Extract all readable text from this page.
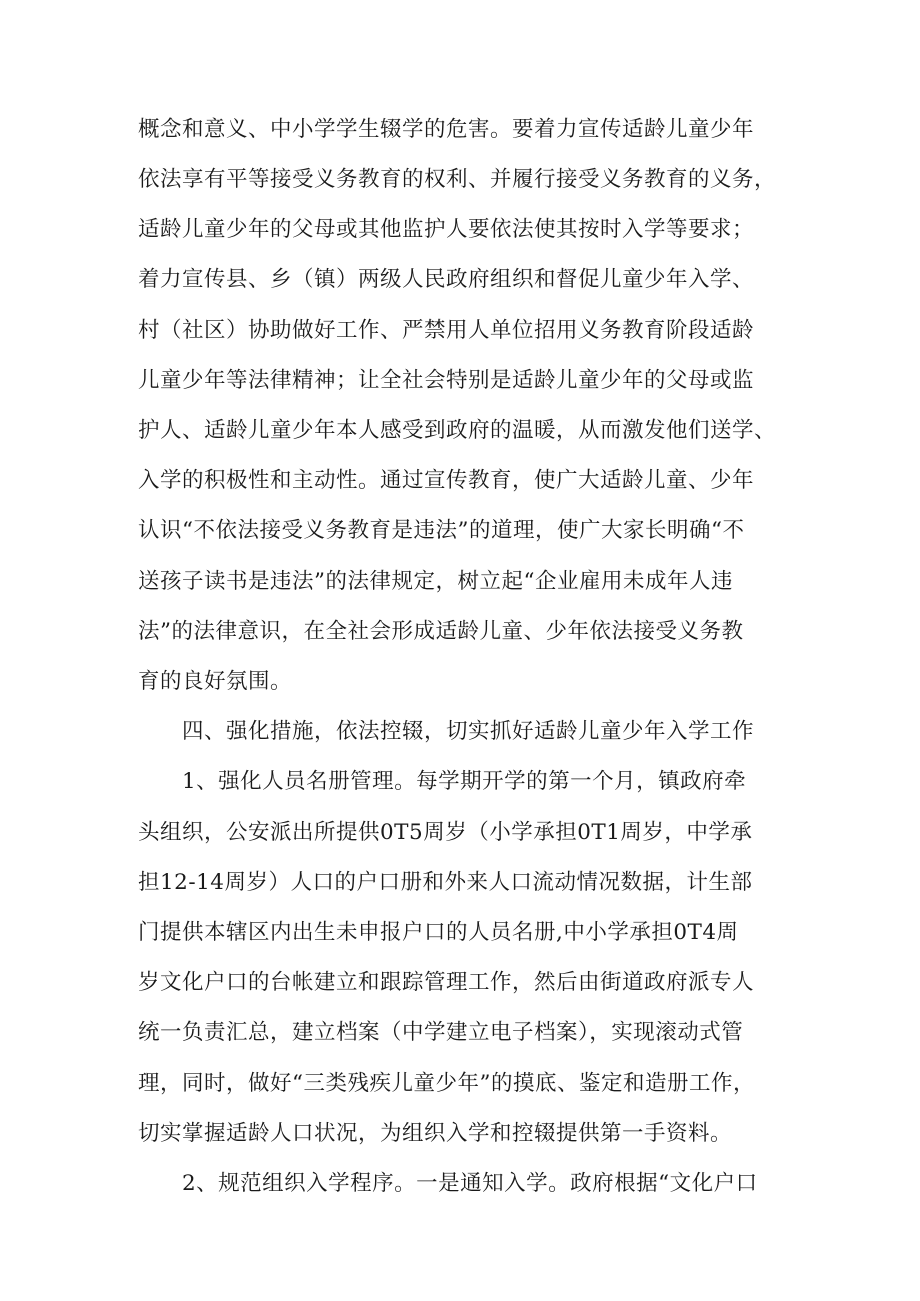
概念和意义、中小学学生辍学的危害。要着力宣传适龄儿童少年
依法享有平等接受义务教育的权利、并履行接受义务教育的义务，
适龄儿童少年的父母或其他监护人要依法使其按时入学等要求；
着力宣传县、乡（镇）两级人民政府组织和督促儿童少年入学、
村（社区）协助做好工作、严禁用人单位招用义务教育阶段适龄
儿童少年等法律精神；让全社会特别是适龄儿童少年的父母或监
护人、适龄儿童少年本人感受到政府的温暖，从而激发他们送学、
入学的积极性和主动性。通过宣传教育，使广大适龄儿童、少年
认识“不依法接受义务教育是违法”的道理，使广大家长明确“不
送孩子读书是违法”的法律规定，树立起“企业雇用未成年人违
法”的法律意识，在全社会形成适龄儿童、少年依法接受义务教
育的良好氛围。
四、强化措施，依法控辍，切实抓好适龄儿童少年入学工作
1、强化人员名册管理。每学期开学的第一个月，镇政府牵
头组织，公安派出所提供0T5周岁（小学承担0T1周岁，中学承
担12-14周岁）人口的户口册和外来人口流动情况数据，计生部
门提供本辖区内出生未申报户口的人员名册,中小学承担0T4周
岁文化户口的台帐建立和跟踪管理工作，然后由街道政府派专人
统一负责汇总，建立档案（中学建立电子档案），实现滚动式管
理，同时，做好“三类残疾儿童少年”的摸底、鉴定和造册工作，
切实掌握适龄人口状况，为组织入学和控辍提供第一手资料。
2、规范组织入学程序。一是通知入学。政府根据“文化户口
